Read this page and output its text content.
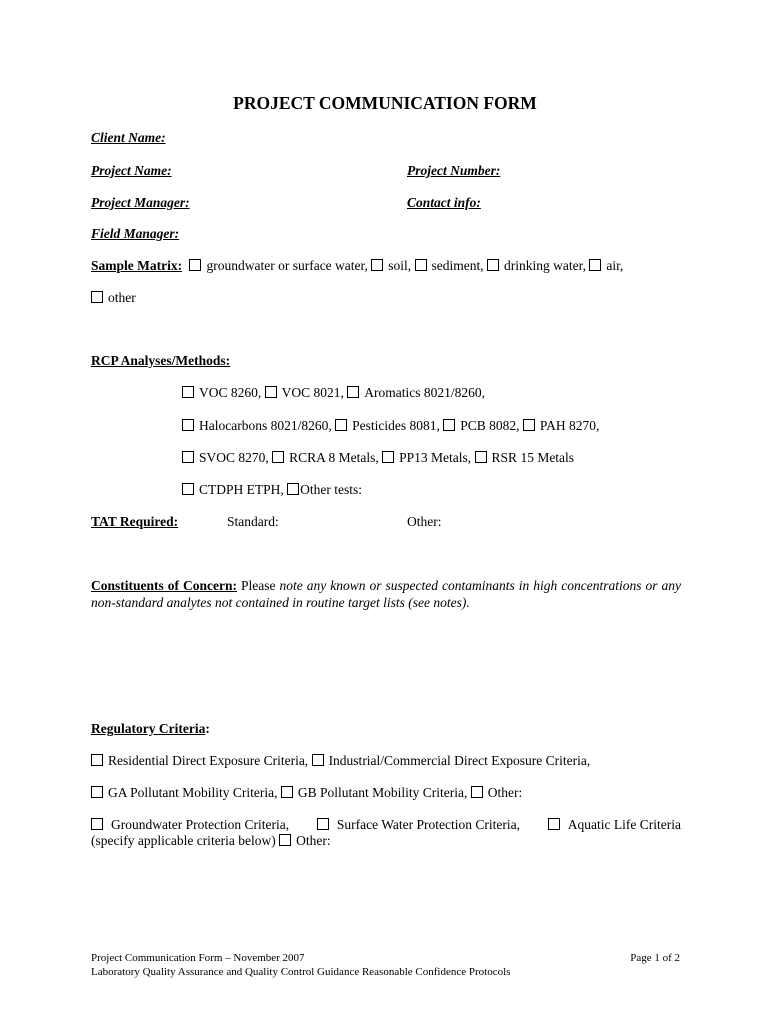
PROJECT COMMUNICATION FORM
Client Name:
Project Name:	Project Number:
Project Manager:	Contact info:
Field Manager:
Sample Matrix: groundwater or surface water, soil, sediment, drinking water, air,
other
RCP Analyses/Methods:
VOC 8260, VOC 8021, Aromatics 8021/8260,
Halocarbons 8021/8260, Pesticides 8081, PCB 8082, PAH 8270,
SVOC 8270, RCRA 8 Metals, PP13 Metals, RSR 15 Metals
CTDPH ETPH, Other tests:
TAT Required:	Standard:	Other:
Constituents of Concern: Please note any known or suspected contaminants in high concentrations or any non-standard analytes not contained in routine target lists (see notes).
Regulatory Criteria:
Residential Direct Exposure Criteria, Industrial/Commercial Direct Exposure Criteria,
GA Pollutant Mobility Criteria, GB Pollutant Mobility Criteria, Other:
Groundwater Protection Criteria,	Surface Water Protection Criteria,	Aquatic Life Criteria
(specify applicable criteria below) Other:
Project Communication Form – November 2007
Laboratory Quality Assurance and Quality Control Guidance Reasonable Confidence Protocols
Page 1 of 2
